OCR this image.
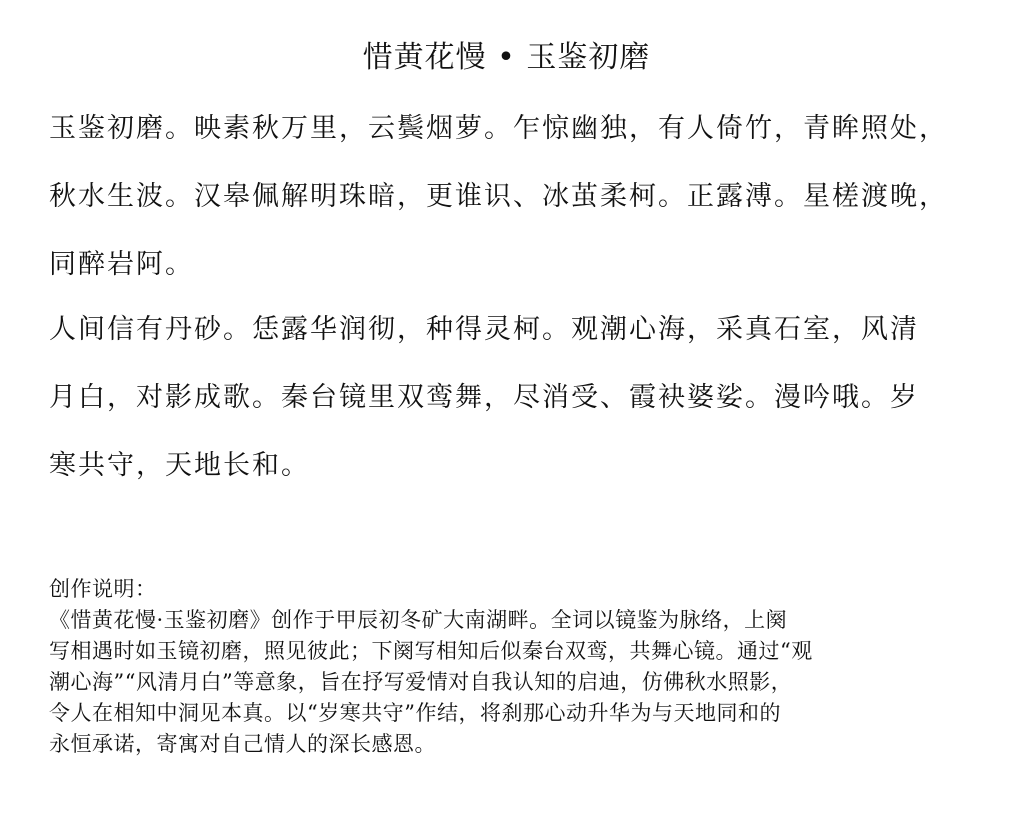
惜黄花慢 • 玉鉴初磨

玉鉴初磨。映素秋万里，云鬓烟萝。乍惊幽独，有人倚竹，青眸照处，

秋水生波。汉皋佩解明珠暗，更谁识、冰茧柔柯。正露溥。星槎渡晚，

同醉岩阿。

人间信有丹砂。恁露华润彻，种得灵柯。观潮心海，采真石室，风清

月白，对影成歌。秦台镜里双鸾舞，尽消受、霞袂婆娑。漫吟哦。岁

寒共守，天地长和。

创作说明：

《惜黄花慢·玉鉴初磨》创作于甲辰初冬矿大南湖畔。全词以镜鉴为脉络，上阕

写相遇时如玉镜初磨，照见彼此；下阕写相知后似秦台双鸾，共舞心镜。通过“观

潮心海”“风清月白”等意象，旨在抒写爱情对自我认知的启迪，仿佛秋水照影，

令人在相知中洞见本真。以“岁寒共守”作结，将刹那心动升华为与天地同和的

永恒承诺，寄寓对自己情人的深长感恩。
